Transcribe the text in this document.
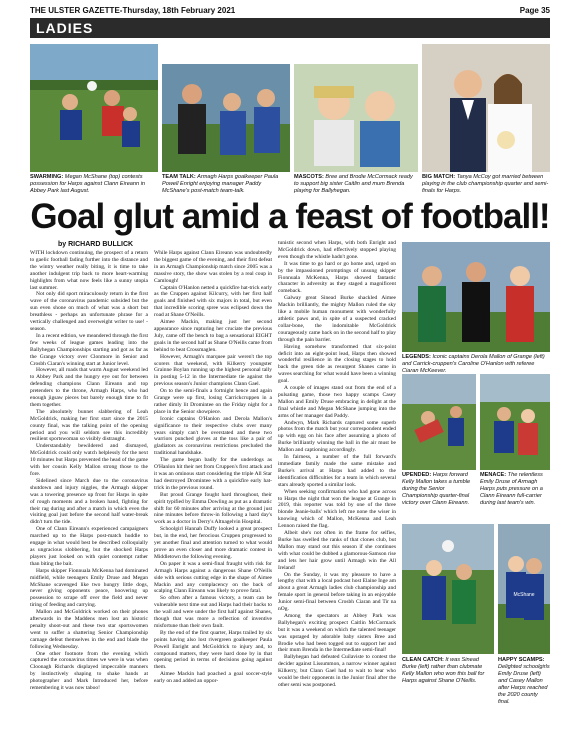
THE ULSTER GAZETTE-Thursday, 18th February 2021	Page 35
LADIES
SWARMING: Megan McShane (top) contests possession for Harps against Clann Eireann in Abbey Park last August.
TEAM TALK: Armagh Harps goalkeeper Paula Powell Enright enjoying manager Paddy McShane's post-match team-talk.
MASCOTS: Bree and Brodie McCormack ready to support big sister Caitlin and mum Brenda playing for Ballyhegan.
BIG MATCH: Tanya McCoy got married between playing in the club championship quarter and semi-finals for Harps.
Goal glut amid a feast of football!
by RICHARD BULLICK

WITH lockdown continuing, the prospect of a return to gaelic football fading further into the distance and the wintry weather really biting, it is time to take another indulgent trip back to more heart-warming highlights from what now feels like a sunny utopia last summer.

Not only did sport miraculously return in the first wave of the coronavirus pandemic subsided but the sun even shone on much of what was a short but breathless - perhaps an unfortunate phrase for a vertically challenged and overweight writer to use! - season.

In a recent edition, we meandered through the first few weeks of league games leading into the Ballyhegan Championships starting and got as far as the Grange victory over Clonmore in Senior and Crosbh Ciaran's winning start at Junior level.

However, all roads that warm August weekend led to Abbey Park and the hungry eye out for between defending champions Clann Eireann and top pretenders to the throne, Armagh Harps, who had enough jigsaw pieces but barely enough time to fit them together.

The absolutely bunnet slabbering of Leah McGoldrick, making her first start since the 2015 county final, was the talking point of the opening period and you will seldom see this incredibly resilient sportswoman so visibly distraught.

Understandably bewildered and dismayed, McGoldrick could only watch helplessly for the next 10 minutes but Harps prevented the head of the game with her cousin Kelly Mallon strong those to the fore.

Sidelined since March due to the coronavirus shutdown and injury niggles, the Armagh skipper was a towering presence up front for Harps in spite of rough moments and a broken hand, fighting for their rag during and after a match in which even the visiting goal just before the second half water-break didn't turn the tide.

One of Clann Eireann's experienced campaigners marched up to the Harps post-match huddle to engage in what would best be described colloquially as ungracious slobbering, but the shocked Harps players just looked on with quiet contempt rather than biting the bait.

Harps skipper Fionnuala McKenna had dominated midfield, while teenagers Emily Druse and Megan McShane scavenged like two hungry little dogs, never giving opponents peace, hoovering up possession to scrape off over the field and never tiring of feeding and carrying.

Mallon and McGoldrick worked on their phones afterwards in the Maddens men lost an historic penalty shoot-out and these two star sportswomen went to suffer a shattering Senior Championship carnage defeat themselves in the end and blade the following Wednesday.

One other footnote from the evening which captured the coronavirus times we were in was when Cloonagh Richards displayed impeccable manners by instinctively shaping to shake hands at photographer and Mark Introduced her, before remembering it was now taboo!

While Harps against Clann Eireann was undoubtedly the biggest game of the evening, and their first defeat in an Armagh Championship match since 2005 was a massive story, the show was stolen by a real coup in Camlough!

Captain O'Hanlon netted a quickfire hat-trick early as the Cruppen against Kilcurry, with her first half goals and finished with six majors in total, but even that incredible scoring spree was eclipsed down the road at Shane O'Neills.

Aimee Mackin, making just her second appearance since rupturing her cruciate the previous July, came off the bench to bag a sensational EIGHT goals in the second half as Shane O'Neills came from behind to beat Crossmaglen.

However, Armagh's marquee pair weren't the top scorers that weekend, with Kilkerry youngster Grainne Boylan running up the highest personal tally in posting 5-12 in the Intermediate tie against the previous season's Junior champions Clann Gael.

On to the semi-finals a fortnight hence and again Grange were up first, losing Carrickcruppen in a rather dimly lit Dromintee on the Friday night for a place in the Senior showpiece.

Iconic captains O'Hanlon and Derola Mallon's significance to their respective clubs over many years simply can't be overstated and these two warriors punched gloves at the toss like a pair of gladiators as coronavirus restrictions precluded the traditional handshake.

The game began badly for the underdogs as O'Hanlon hit their net from Cruppen's first attack and it was an ominous start considering the triple All Star had destroyed Dromintee with a quickfire early hat-trick in the previous round.

But proud Grange fought hard throughout, their spirit typified by Emma Dowling as put as a dramatic shift for 60 minutes after arriving at the ground just nine minutes before throw-in following a hard day's work as a doctor in Derry's Altnagelvin Hospital.

Schoolgirl Hannah Duffy looked a great prospect but, in the end, her ferocious Cruppen progressed to yet another final and attention turned to what would prove an even closer and more dramatic contest in Middletown the following evening.

On paper it was a semi-final fraught with risk for Armagh Harps against a dangerous Shane O'Neills side with serious cutting edge in the shape of Aimee Mackin and any complacency on the back of scalping Clann Eireann was likely to prove fatal.

So often after a famous victory, a team can be vulnerable next time out and Harps had their backs to the wall and were under the first half against Shanes, though that was more a reflection of inventive misfortune than their own fault.

By the end of the first quarter, Harps trailed by six points having also lost rivergreen goalkeeper Paula Powell Enright and McGoldrick to injury and, to compound matters, they were hard done by in that opening period in terms of decisions going against them.

Aimee Mackin had poached a goal soccer-style early on and added an oppor-

tunistic second when Harps, with both Enright and McGoldrick down, had effectively stopped playing even though the whistle hadn't gone.

It was time to go hard or go home and, urged on by the impassioned promptings of unsung skipper Fionnuala McKenna, Harps showed fantastic character in adversity as they staged a magnificent comeback.

Galway great Sinead Burke shackled Aimee Mackin brilliantly, the mighty Mallon ruled the sky like a mobile human monument with wonderfully athletic paws and, in spite of a suspected cracked collar-bone, the indomitable McGoldrick courageously came back on in the second half to play through the pain barrier.

Having somehow transformed that six-point deficit into an eight-point lead, Harps then showed wonderful resilience in the closing stages to hold back the green tide as resurgent Shanes came in waves searching for what would have been a winning goal.

A couple of images stand out from the end of a pulsating game, those two happy scamps Casey Mallon and Emily Druse embracing in delight at the final whistle and Megan McShane jumping into the arms of her manager dad Paddy.

Andwyn, Mark Richards captured some superb photos from the match but your correspondent ended up with egg on his face after assuming a photo of Burke brilliantly winning the ball in the air must be Mallon and captioning accordingly.

In fairness, a number of the full forward's immediate family made the same mistake and Burke's arrival at Harps had added to the identification difficulties for a team in which several stars already sported a similar look.

When seeking confirmation who had gone across to Harps the night that won the league at Grange in 2019, this reporter was told by one of the three blonde Jeanie-balls' which left me none the wiser in knowing which of Mallon, McKenna and Leah Lennon raised the flag.

Albeit she's not often in the frame for selfies, Burke has swelled the ranks of that clones club, but Mallon may stand out this season if she continues with what could be dubbed a glamorous-Samson rise and lets her hair grow until Armagh win the All Ireland!

On the Sunday, it was my pleasure to have a lengthy chat with a local podcast host Elaine Inge am about a great Armagh ladies club championship and female sport in general before taking in an enjoyable Junior semi-final between Crosbh Ciaran and Tir na nOg.

Among the spectators at Abbey Park was Ballyhegan's exciting prospect Caitlin McCormack but it was a weekend on which the talented teenager was upstaged by adorable baby sisters Bree and Brodie who had been togged out to support her and their mum Brenda in the Intermediate semi-final!

Ballyhegan had defeated Cuilaviste to contest the decider against Lissummon, a narrow winner against Kilkerry, but Clann Gael had to wait to hear who would be their opponents in the Junior final after the other semi was postponed.

LEGENDS: Iconic captains Derola Mallon of Grange (left) and Carrick-cruppen's Caroline O'Hanlon with referee Ciaran McKeever.
UPENDED: Harps forward Kelly Mallon takes a tumble during the Senior Championship quarter-final victory over Clann Eireann.
MENACE: The relentless Emily Druse of Armagh Harps puts pressure on a Clann Eireann full-carrier during last team's win.
McShane
CLEAN CATCH: It was Sinead Burke (left) rather than clubmate Kelly Mallon who won this ball for Harps against Shane O'Neills.
HAPPY SCAMPS: Delighted schoolgirls Emily Druse (left) and Casey Mallon after Harps reached the 2020 county final.
